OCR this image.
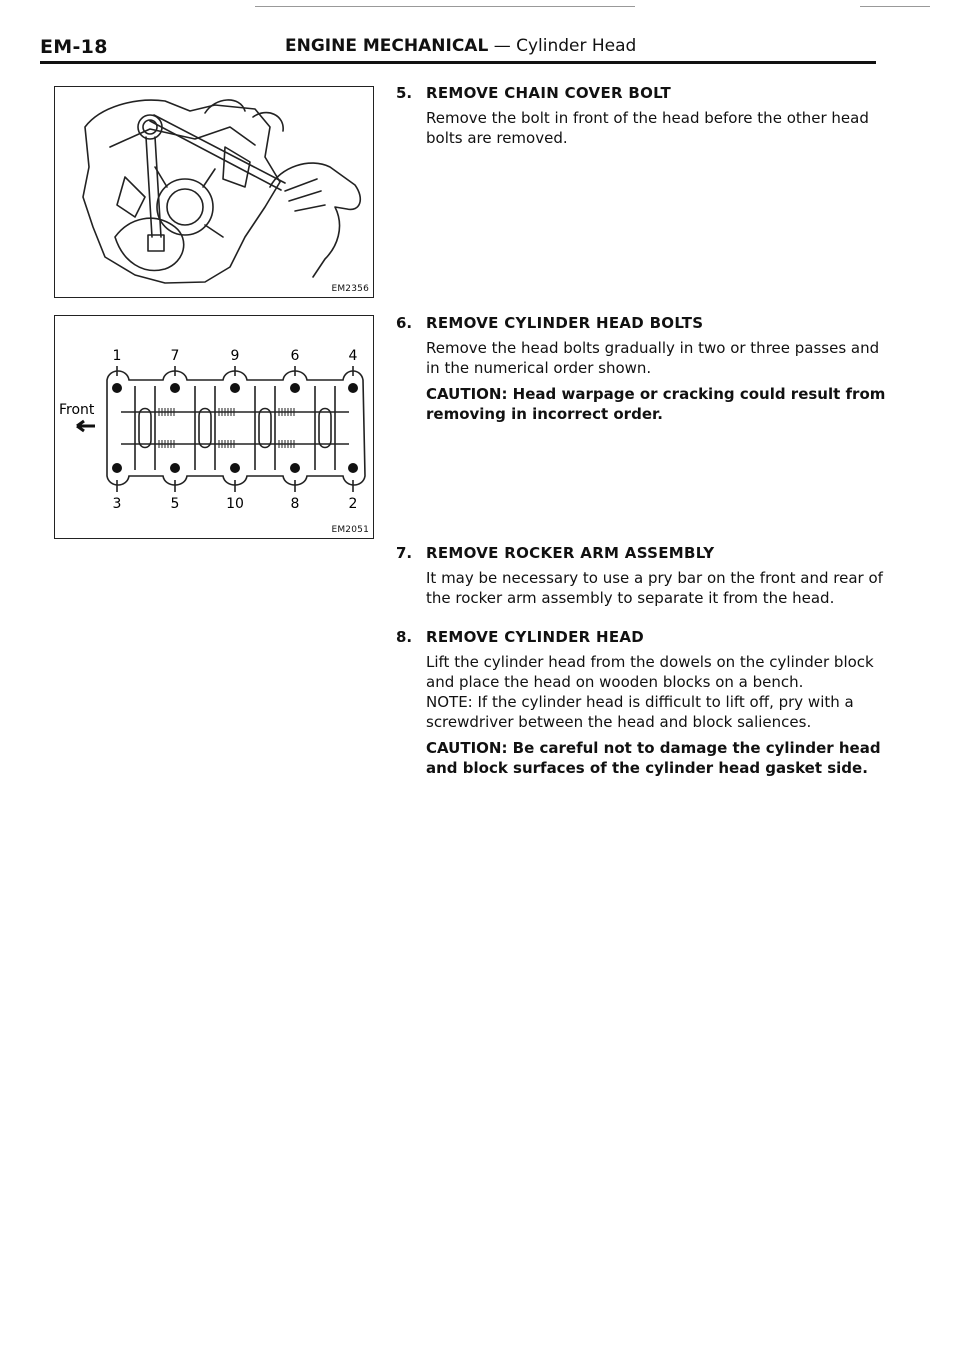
EM-18	ENGINE MECHANICAL — Cylinder Head
EM2356
1	7	9	6	4
3	5	10	8	2
Front
EM2051
5. REMOVE CHAIN COVER BOLT

Remove the bolt in front of the head before the other head bolts are removed.

6. REMOVE CYLINDER HEAD BOLTS

Remove the head bolts gradually in two or three passes and in the numerical order shown.

CAUTION: Head warpage or cracking could result from removing in incorrect order.

7. REMOVE ROCKER ARM ASSEMBLY

It may be necessary to use a pry bar on the front and rear of the rocker arm assembly to separate it from the head.

8. REMOVE CYLINDER HEAD

Lift the cylinder head from the dowels on the cylinder block and place the head on wooden blocks on a bench.

NOTE: If the cylinder head is difficult to lift off, pry with a screwdriver between the head and block saliences.

CAUTION: Be careful not to damage the cylinder head and block surfaces of the cylinder head gasket side.
